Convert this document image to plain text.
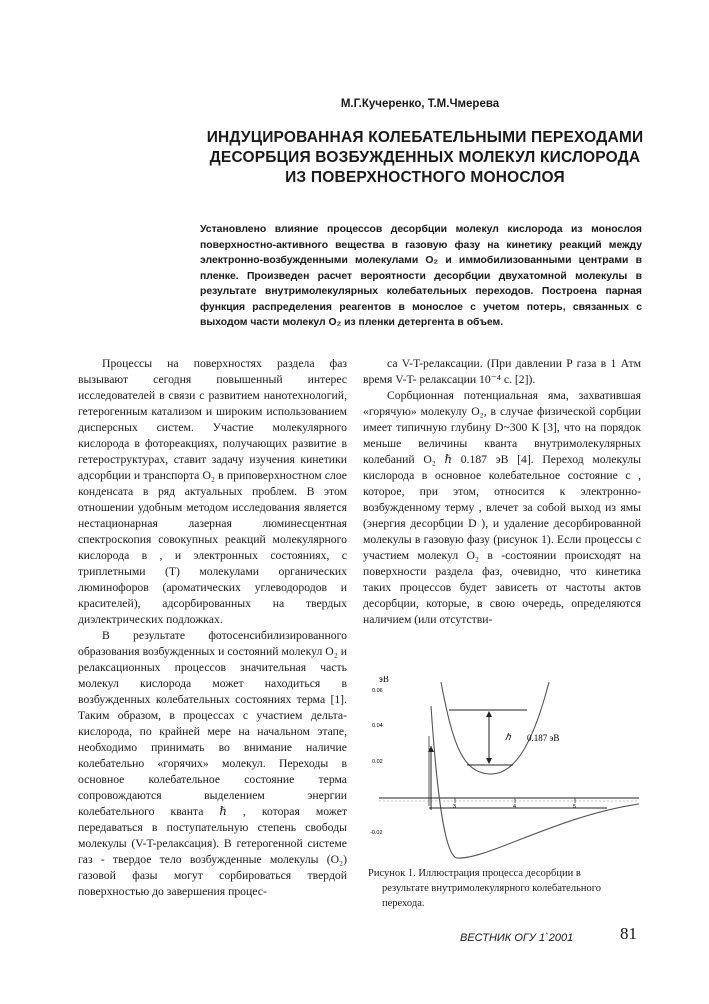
М.Г.Кучеренко, Т.М.Чмерева
ИНДУЦИРОВАННАЯ КОЛЕБАТЕЛЬНЫМИ ПЕРЕХОДАМИ ДЕСОРБЦИЯ ВОЗБУЖДЕННЫХ МОЛЕКУЛ КИСЛОРОДА ИЗ ПОВЕРХНОСТНОГО МОНОСЛОЯ
Установлено влияние процессов десорбции молекул кислорода из монослоя поверхностно-активного вещества в газовую фазу на кинетику реакций между электронно-возбужденными молекулами O₂ и иммобилизованными центрами в пленке. Произведен расчет вероятности десорбции двухатомной молекулы в результате внутримолекулярных колебательных переходов. Построена парная функция распределения реагентов в монослое с учетом потерь, связанных с выходом части молекул O₂ из пленки детергента в объем.

Процессы на поверхностях раздела фаз вызывают сегодня повышенный интерес исследователей в связи с развитием нанотехнологий, гетерогенным катализом и широким использованием дисперсных систем. Участие молекулярного кислорода в фотореакциях, получающих развитие в гетероструктурах, ставит задачу изучения кинетики адсорбции и транспорта O₂ в приповерхностном слое конденсата в ряд актуальных проблем. В этом отношении удобным методом исследования является нестационарная лазерная люминесцентная спектроскопия совокупных реакций молекулярного кислорода в , и электронных состояниях, с триплетными (Т) молекулами органических люминофоров (ароматических углеводородов и красителей), адсорбированных на твердых диэлектрических подложках.

В результате фотосенсибилизированного образования возбужденных и состояний молекул O₂ и релаксационных процессов значительная часть молекул кислорода может находиться в возбужденных колебательных состояниях терма [1]. Таким образом, в процессах с участием дельта-кислорода, по крайней мере на начальном этапе, необходимо принимать во внимание наличие колебательно «горячих» молекул. Переходы в основное колебательное состояние терма сопровождаются выделением энергии колебательного кванта ℏ , которая может передаваться в поступательную степень свободы молекулы (V-T-релаксация). В гетерогенной системе газ - твердое тело возбужденные молекулы (O₂) газовой фазы могут сорбироваться твердой поверхностью до завершения процес-

са V-T-релаксации. (При давлении P газа в 1 Атм время V-T- релаксации 10⁻⁴ с. [2]).

Сорбционная потенциальная яма, захватившая «горячую» молекулу O₂, в случае физической сорбции имеет типичную глубину D~300 К [3], что на порядок меньше величины кванта внутримолекулярных колебаний O₂ ℏ 0.187 эВ [4]. Переход молекулы кислорода в основное колебательное состояние с , которое, при этом, относится к электронно-возбужденному терму , влечет за собой выход из ямы (энергия десорбции D ), и удаление десорбированной молекулы в газовую фазу (рисунок 1). Если процессы с участием молекул O₂ в -состоянии происходят на поверхности раздела фаз, очевидно, что кинетика таких процессов будет зависеть от частоты актов десорбции, которые, в свою очередь, определяются наличием (или отсутстви-

эВ
0.06
0.04
0.02
-0.02
3	4	5
ℏ 0.187 эВ
Рисунок 1. Иллюстрация процесса десорбции в
результате внутримолекулярного колебательного перехода.
ВЕСТНИК ОГУ 1`2001	81
